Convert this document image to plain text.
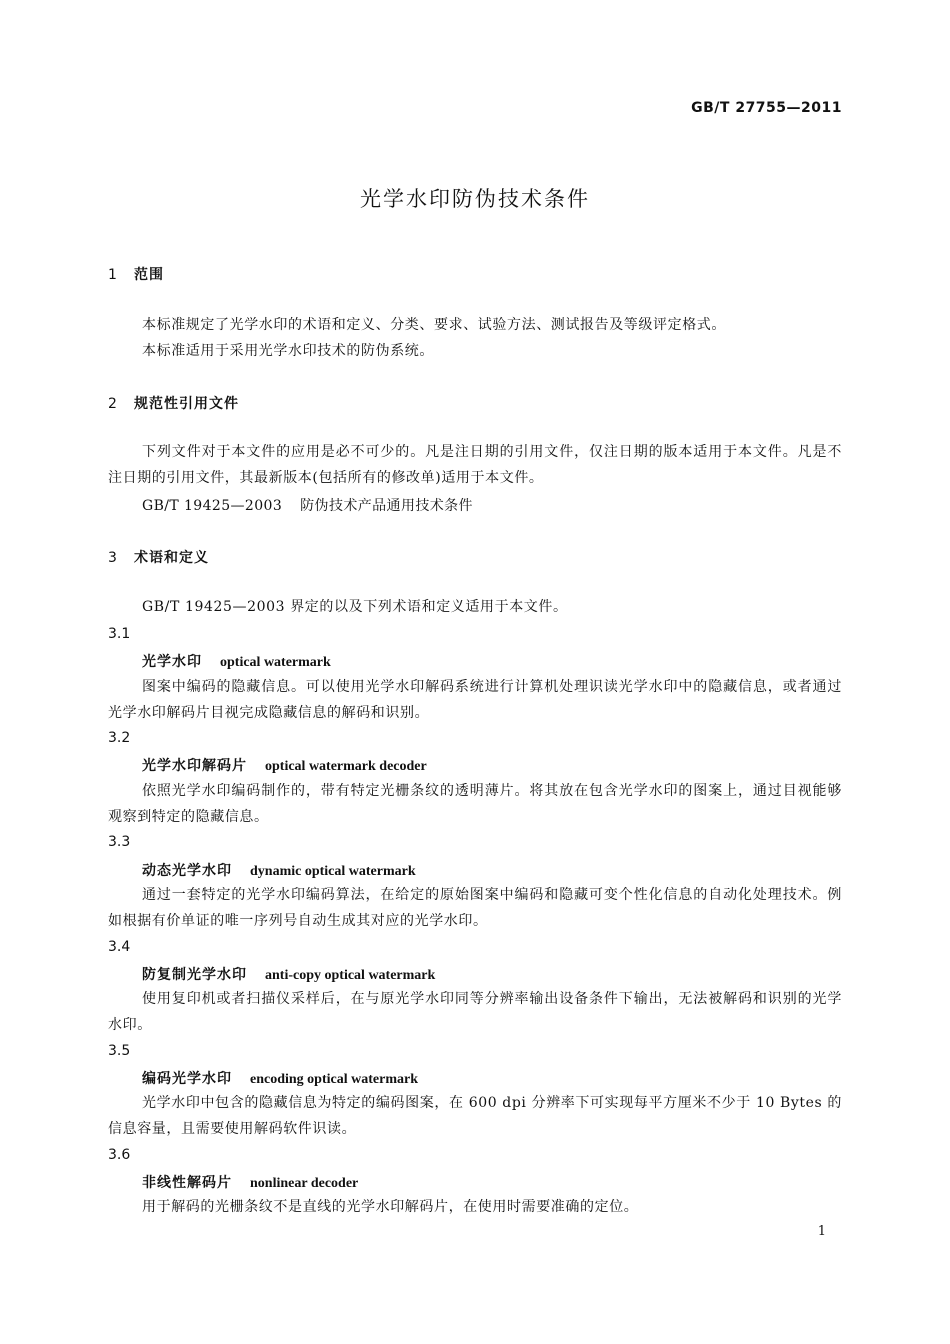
GB/T 27755—2011
光学水印防伪技术条件
1 范围
本标准规定了光学水印的术语和定义、分类、要求、试验方法、测试报告及等级评定格式。
本标准适用于采用光学水印技术的防伪系统。
2 规范性引用文件
下列文件对于本文件的应用是必不可少的。凡是注日期的引用文件，仅注日期的版本适用于本文件。凡是不注日期的引用文件，其最新版本(包括所有的修改单)适用于本文件。
GB/T 19425—2003 防伪技术产品通用技术条件
3 术语和定义
GB/T 19425—2003 界定的以及下列术语和定义适用于本文件。
3.1
光学水印 optical watermark
图案中编码的隐藏信息。可以使用光学水印解码系统进行计算机处理识读光学水印中的隐藏信息，或者通过光学水印解码片目视完成隐藏信息的解码和识别。
3.2
光学水印解码片 optical watermark decoder
依照光学水印编码制作的，带有特定光栅条纹的透明薄片。将其放在包含光学水印的图案上，通过目视能够观察到特定的隐藏信息。
3.3
动态光学水印 dynamic optical watermark
通过一套特定的光学水印编码算法，在给定的原始图案中编码和隐藏可变个性化信息的自动化处理技术。例如根据有价单证的唯一序列号自动生成其对应的光学水印。
3.4
防复制光学水印 anti-copy optical watermark
使用复印机或者扫描仪采样后，在与原光学水印同等分辨率输出设备条件下输出，无法被解码和识别的光学水印。
3.5
编码光学水印 encoding optical watermark
光学水印中包含的隐藏信息为特定的编码图案，在 600 dpi 分辨率下可实现每平方厘米不少于 10 Bytes 的信息容量，且需要使用解码软件识读。
3.6
非线性解码片 nonlinear decoder
用于解码的光栅条纹不是直线的光学水印解码片，在使用时需要准确的定位。
1
